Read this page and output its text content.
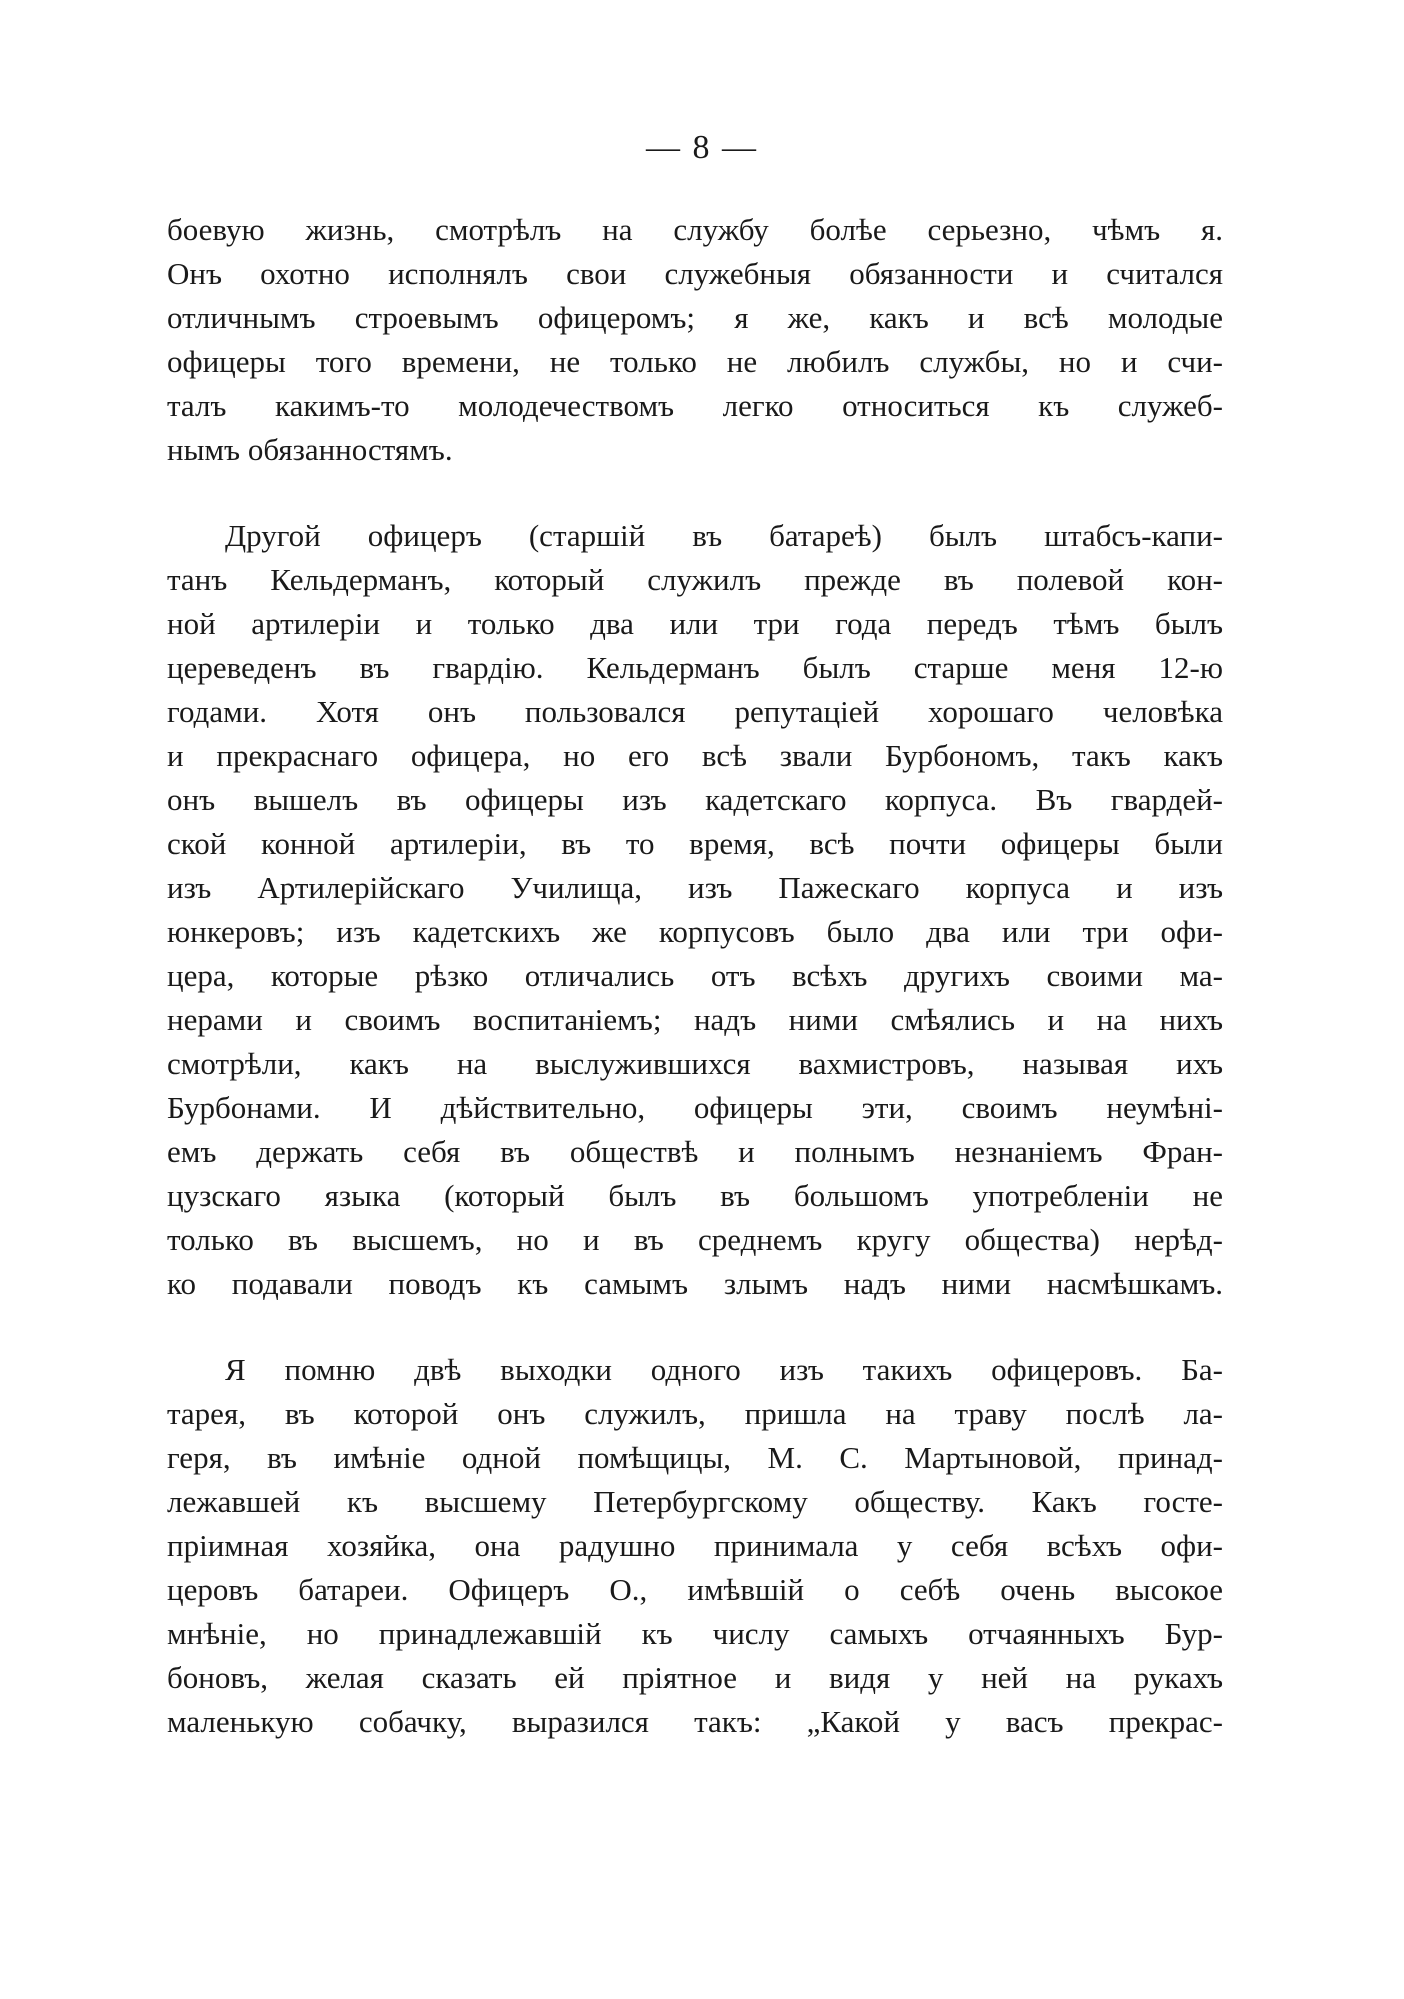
— 8 —
боевую жизнь, смотрѣлъ на службу болѣе серьезно, чѣмъ я.
Онъ охотно исполнялъ свои служебныя обязанности и считался
отличнымъ строевымъ офицеромъ; я же, какъ и всѣ молодые
офицеры того времени, не только не любилъ службы, но и счи-
талъ какимъ-то молодечествомъ легко относиться къ служеб-
нымъ обязанностямъ.
Другой офицеръ (старшій въ батареѣ) былъ штабсъ-капи-
танъ Кельдерманъ, который служилъ прежде въ полевой кон-
ной артилеріи и только два или три года передъ тѣмъ былъ
цереведенъ въ гвардію. Кельдерманъ былъ старше меня 12-ю
годами. Хотя онъ пользовался репутаціей хорошаго человѣка
и прекраснаго офицера, но его всѣ звали Бурбономъ, такъ какъ
онъ вышелъ въ офицеры изъ кадетскаго корпуса. Въ гвардей-
ской конной артилеріи, въ то время, всѣ почти офицеры были
изъ Артилерійскаго Училища, изъ Пажескаго корпуса и изъ
юнкеровъ; изъ кадетскихъ же корпусовъ было два или три офи-
цера, которые рѣзко отличались отъ всѣхъ другихъ своими ма-
нерами и своимъ воспитаніемъ; надъ ними смѣялись и на нихъ
смотрѣли, какъ на выслужившихся вахмистровъ, называя ихъ
Бурбонами. И дѣйствительно, офицеры эти, своимъ неумѣні-
емъ держать себя въ обществѣ и полнымъ незнаніемъ Фран-
цузскаго языка (который былъ въ большомъ употребленіи не
только въ высшемъ, но и въ среднемъ кругу общества) нерѣд-
ко подавали поводъ къ самымъ злымъ надъ ними насмѣшкамъ.
Я помню двѣ выходки одного изъ такихъ офицеровъ. Ба-
тарея, въ которой онъ служилъ, пришла на траву послѣ ла-
геря, въ имѣніе одной помѣщицы, М. С. Мартыновой, принад-
лежавшей къ высшему Петербургскому обществу. Какъ госте-
пріимная хозяйка, она радушно принимала у себя всѣхъ офи-
церовъ батареи. Офицеръ О., имѣвшій о себѣ очень высокое
мнѣніе, но принадлежавшій къ числу самыхъ отчаянныхъ Бур-
боновъ, желая сказать ей пріятное и видя у ней на рукахъ
маленькую собачку, выразился такъ: „Какой у васъ прекрас-
